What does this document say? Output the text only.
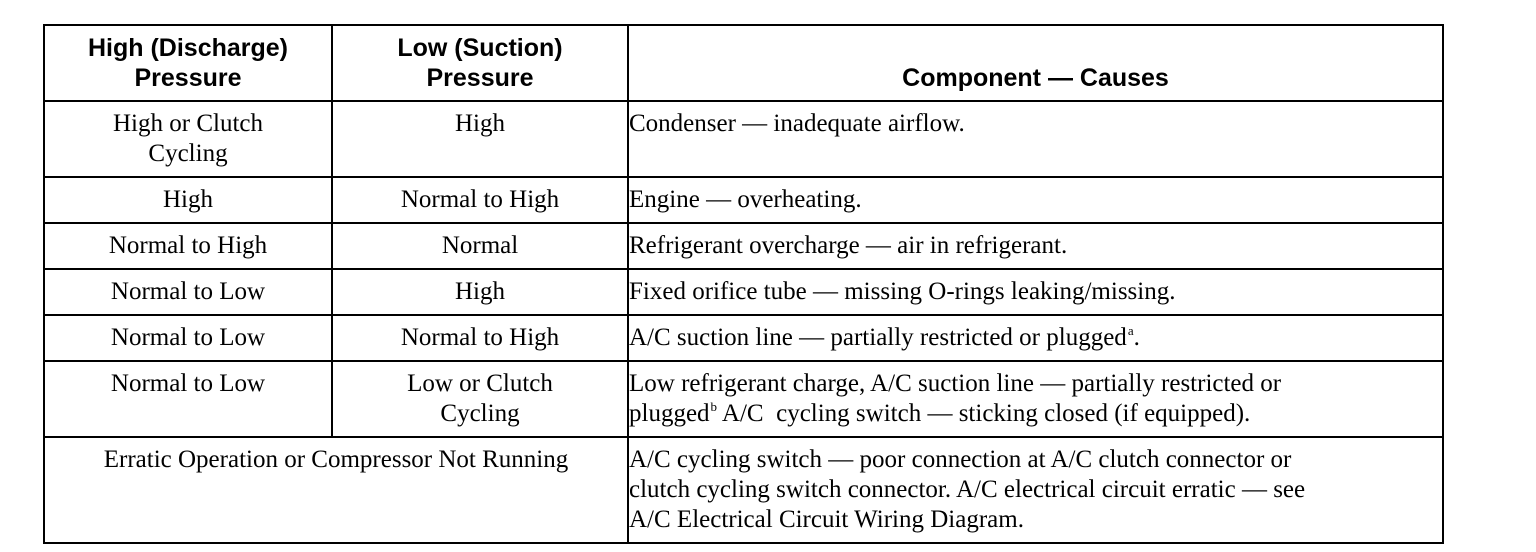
High (Discharge)
Pressure	Low (Suction)
Pressure	Component — Causes

High or Clutch
Cycling	High	Condenser — inadequate airflow.

High	Normal to High	Engine — overheating.

Normal to High	Normal	Refrigerant overcharge — air in refrigerant.

Normal to Low	High	Fixed orifice tube — missing O-rings leaking/missing.

Normal to Low	Normal to High	A/C suction line — partially restricted or plugged$^a$.

Normal to Low	Low or Clutch
Cycling	Low refrigerant charge, A/C suction line — partially restricted or
plugged$^b$ A/C  cycling switch — sticking closed (if equipped).

Erratic Operation or Compressor Not Running		A/C cycling switch — poor connection at A/C clutch connector or
clutch cycling switch connector. A/C electrical circuit erratic — see
A/C Electrical Circuit Wiring Diagram.
